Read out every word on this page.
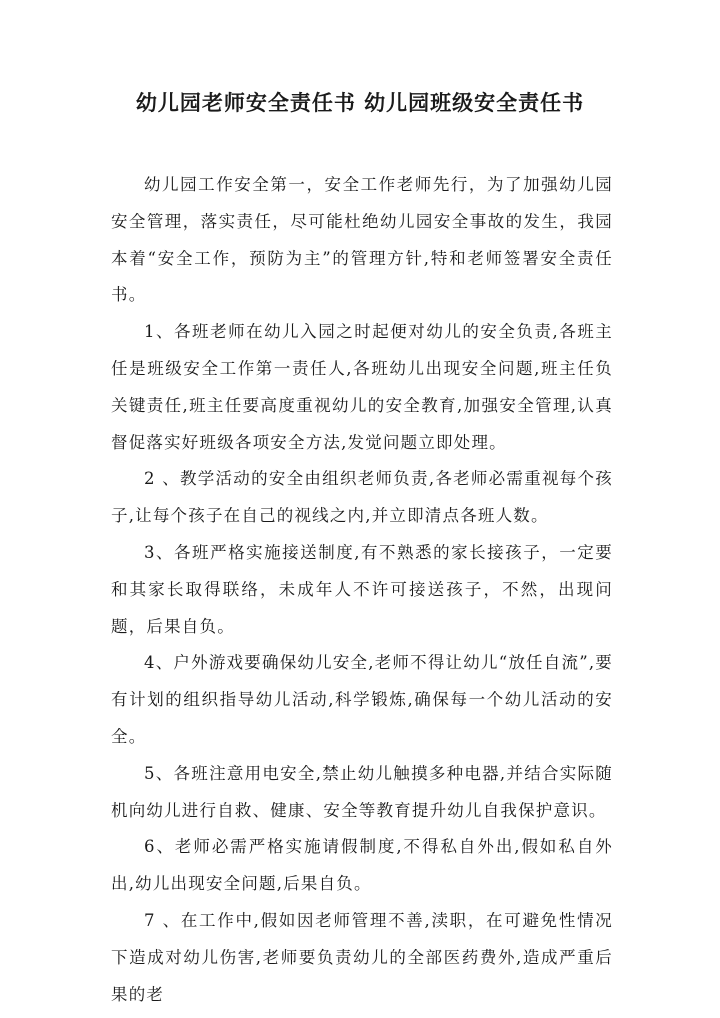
幼儿园老师安全责任书 幼儿园班级安全责任书

幼儿园工作安全第一，安全工作老师先行，为了加强幼儿园安全管理，落实责任，尽可能杜绝幼儿园安全事故的发生，我园本着“安全工作，预防为主”的管理方针,特和老师签署安全责任书。

1、各班老师在幼儿入园之时起便对幼儿的安全负责,各班主任是班级安全工作第一责任人,各班幼儿出现安全问题,班主任负关键责任,班主任要高度重视幼儿的安全教育,加强安全管理,认真督促落实好班级各项安全方法,发觉问题立即处理。

2 、教学活动的安全由组织老师负责,各老师必需重视每个孩子,让每个孩子在自己的视线之内,并立即清点各班人数。

3、各班严格实施接送制度,有不熟悉的家长接孩子，一定要和其家长取得联络，未成年人不许可接送孩子，不然，出现问题，后果自负。

4、户外游戏要确保幼儿安全,老师不得让幼儿“放任自流”,要有计划的组织指导幼儿活动,科学锻炼,确保每一个幼儿活动的安全。

5、各班注意用电安全,禁止幼儿触摸多种电器,并结合实际随机向幼儿进行自救、健康、安全等教育提升幼儿自我保护意识。

6、老师必需严格实施请假制度,不得私自外出,假如私自外出,幼儿出现安全问题,后果自负。

7 、在工作中,假如因老师管理不善,渎职，在可避免性情况下造成对幼儿伤害,老师要负责幼儿的全部医药费外,造成严重后果的老
